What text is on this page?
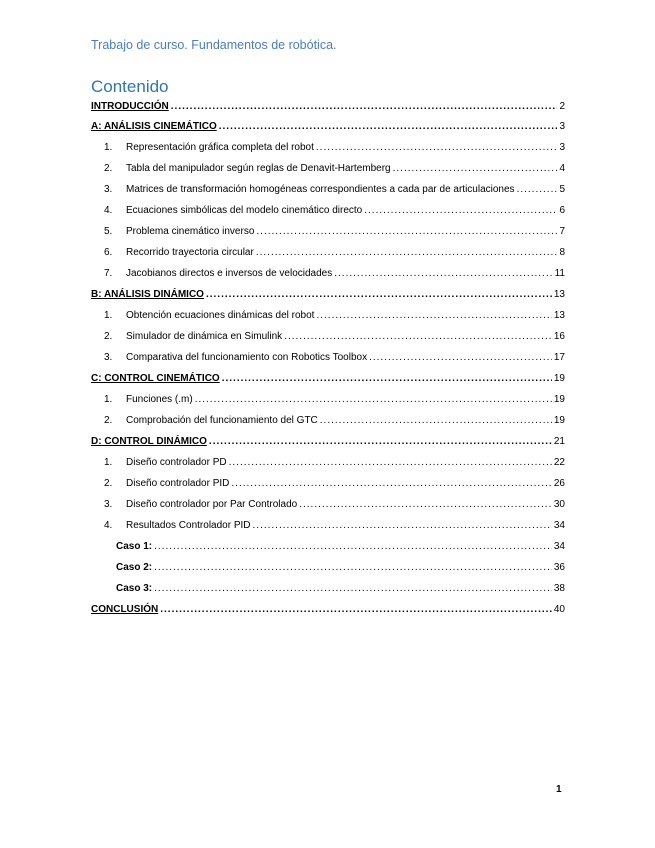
Trabajo de curso. Fundamentos de robótica.
Contenido
INTRODUCCIÓN .....	2
A: ANÁLISIS CINEMÁTICO .....	3
1.	Representación gráfica completa del robot .....	3
2.	Tabla del manipulador según reglas de Denavit-Hartemberg .....	4
3.	Matrices de transformación homogéneas correspondientes a cada par de articulaciones .....	5
4.	Ecuaciones simbólicas del modelo cinemático directo .....	6
5.	Problema cinemático inverso .....	7
6.	Recorrido trayectoria circular .....	8
7.	Jacobianos directos e inversos de velocidades .....	11
B: ANÁLISIS DINÁMICO .....	13
1.	Obtención ecuaciones dinámicas del robot .....	13
2.	Simulador de dinámica en Simulink .....	16
3.	Comparativa del funcionamiento con Robotics Toolbox .....	17
C: CONTROL CINEMÁTICO .....	19
1.	Funciones (.m) .....	19
2.	Comprobación del funcionamiento del GTC .....	19
D: CONTROL DINÁMICO .....	21
1.	Diseño controlador PD .....	22
2.	Diseño controlador PID .....	26
3.	Diseño controlador por Par Controlado .....	30
4.	Resultados Controlador PID .....	34
Caso 1: .....	34
Caso 2: .....	36
Caso 3: .....	38
CONCLUSIÓN .....	40
1
